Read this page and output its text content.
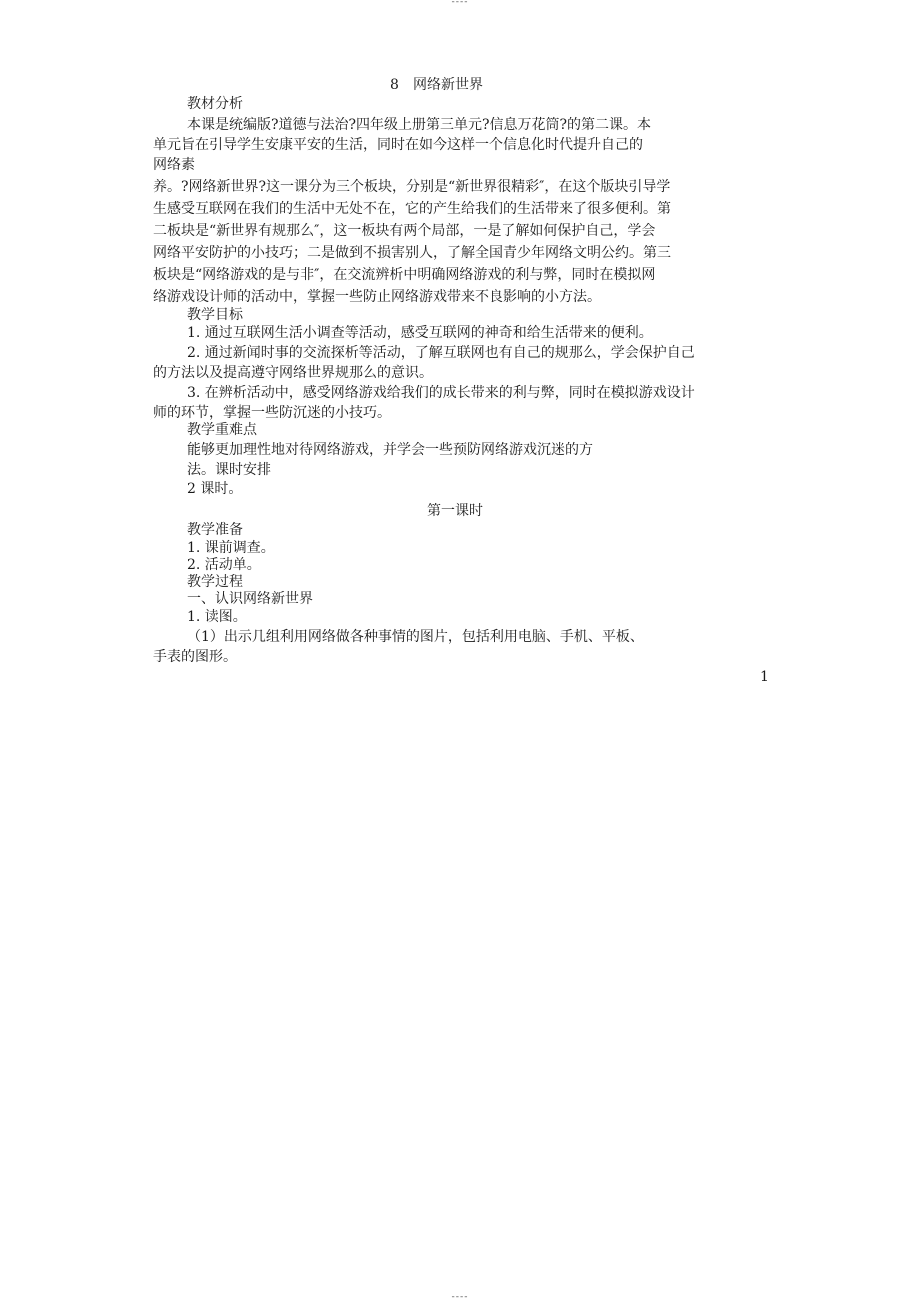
----
8 网络新世界
教材分析
本课是统编版?道德与法治?四年级上册第三单元?信息万花筒?的第二课。本
单元旨在引导学生安康平安的生活，同时在如今这样一个信息化时代提升自己的
网络素
养。?网络新世界?这一课分为三个板块，分别是“新世界很精彩″，在这个版块引导学
生感受互联网在我们的生活中无处不在，它的产生给我们的生活带来了很多便利。第
二板块是“新世界有规那么″，这一板块有两个局部，一是了解如何保护自己，学会
网络平安防护的小技巧；二是做到不损害别人，了解全国青少年网络文明公约。第三
板块是“网络游戏的是与非″，在交流辨析中明确网络游戏的利与弊，同时在模拟网
络游戏设计师的活动中，掌握一些防止网络游戏带来不良影响的小方法。
教学目标
1. 通过互联网生活小调查等活动，感受互联网的神奇和给生活带来的便利。
2. 通过新闻时事的交流探析等活动，了解互联网也有自己的规那么，学会保护自己
的方法以及提高遵守网络世界规那么的意识。
3. 在辨析活动中，感受网络游戏给我们的成长带来的利与弊，同时在模拟游戏设计
师的环节，掌握一些防沉迷的小技巧。
教学重难点
能够更加理性地对待网络游戏，并学会一些预防网络游戏沉迷的方
法。课时安排
2 课时。
第一课时
教学准备
1. 课前调查。
2. 活动单。
教学过程
一、认识网络新世界
1. 读图。
（1）出示几组利用网络做各种事情的图片，包括利用电脑、手机、平板、
手表的图形。
1
----
